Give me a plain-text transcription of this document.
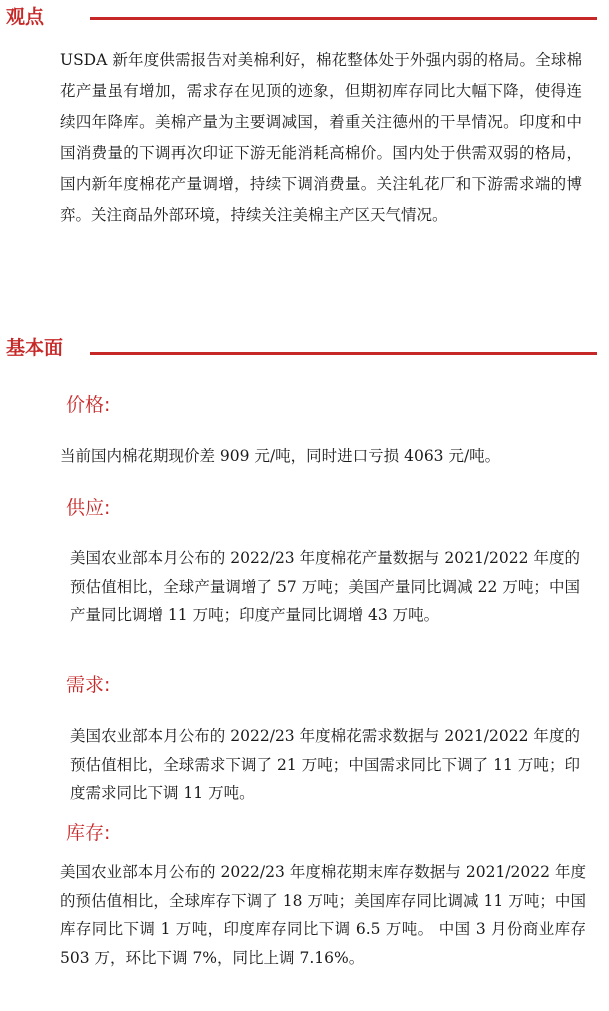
观点
USDA 新年度供需报告对美棉利好，棉花整体处于外强内弱的格局。全球棉花产量虽有增加，需求存在见顶的迹象，但期初库存同比大幅下降，使得连续四年降库。美棉产量为主要调减国，着重关注德州的干旱情况。印度和中国消费量的下调再次印证下游无能消耗高棉价。国内处于供需双弱的格局，国内新年度棉花产量调增，持续下调消费量。关注轧花厂和下游需求端的博弈。关注商品外部环境，持续关注美棉主产区天气情况。
基本面
价格:
当前国内棉花期现价差 909 元/吨，同时进口亏损 4063 元/吨。
供应:
美国农业部本月公布的 2022/23 年度棉花产量数据与 2021/2022 年度的预估值相比，全球产量调增了 57 万吨；美国产量同比调减 22 万吨；中国产量同比调增 11 万吨；印度产量同比调增 43 万吨。
需求:
美国农业部本月公布的 2022/23 年度棉花需求数据与 2021/2022 年度的预估值相比，全球需求下调了 21 万吨；中国需求同比下调了 11 万吨；印度需求同比下调 11 万吨。
库存:
美国农业部本月公布的 2022/23 年度棉花期末库存数据与 2021/2022 年度的预估值相比，全球库存下调了 18 万吨；美国库存同比调减 11 万吨；中国库存同比下调 1 万吨，印度库存同比下调 6.5 万吨。 中国 3 月份商业库存 503 万，环比下调 7%，同比上调 7.16%。
